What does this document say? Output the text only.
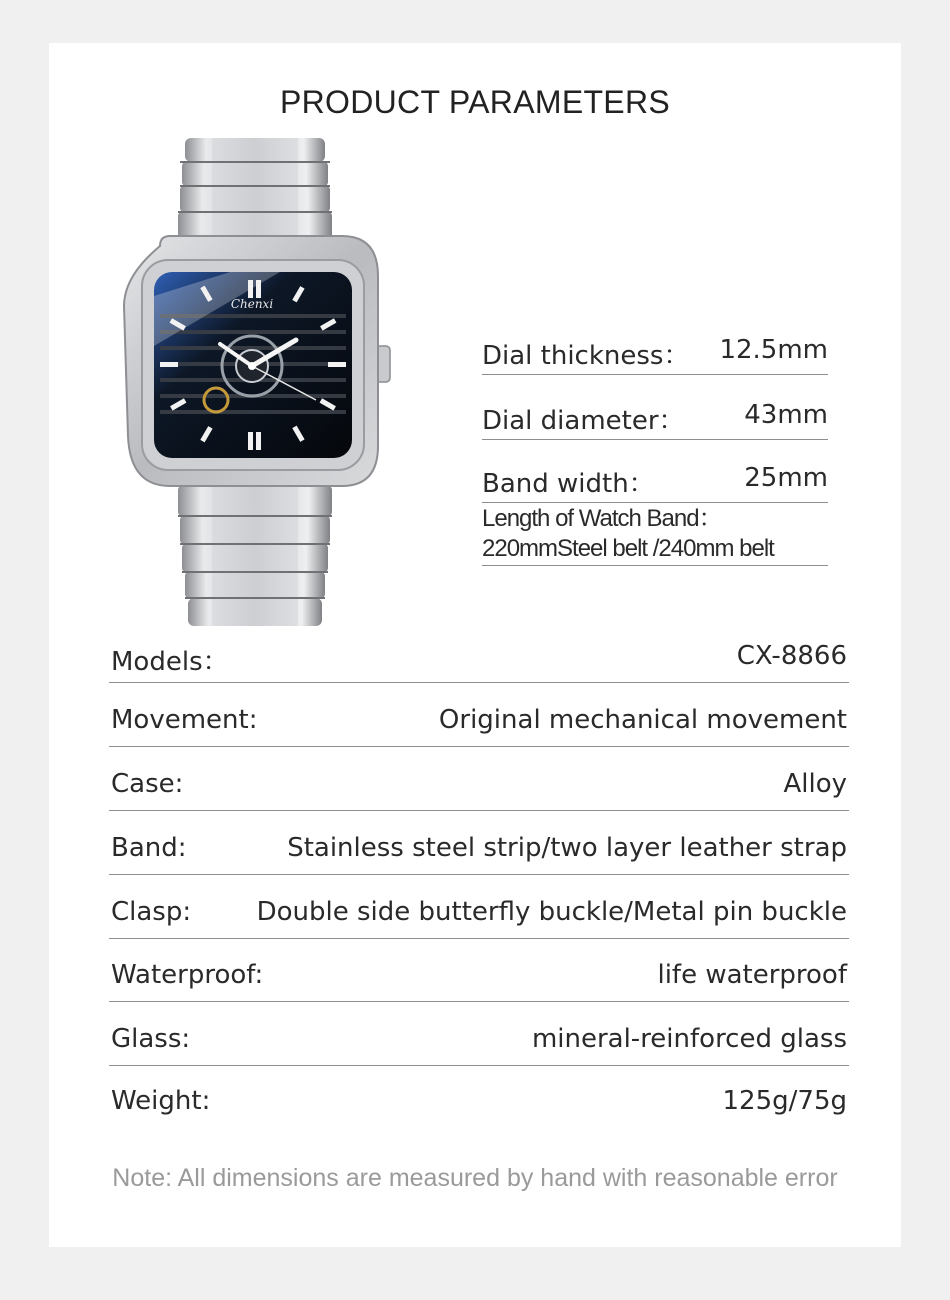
PRODUCT PARAMETERS
Chenxi
Dial thickness： 12.5mm
Dial diameter： 43mm
Band width：	25mm
Length of Watch Band：
220mmSteel belt /240mm belt
Models：	CX-8866
Movement:	Original mechanical movement
Case:	Alloy
Band:	Stainless steel strip/two layer leather strap
Clasp:	Double side butterfly buckle/Metal pin buckle
Waterproof:	life waterproof
Glass:	mineral-reinforced glass
Weight:	125g/75g
Note: All dimensions are measured by hand with reasonable error
